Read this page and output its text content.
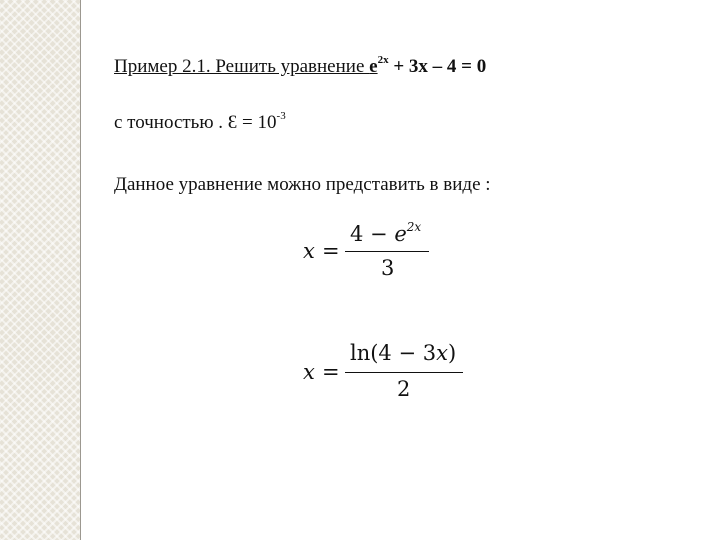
Пример 2.1. Решить уравнение $e^{2x} + 3x - 4 = 0$
с точностью . Ɛ = $10^{-3}$
Данное уравнение можно представить в виде :
x =
$4 - e^{2x}$
3
x =
ln(4 − 3x)
2
